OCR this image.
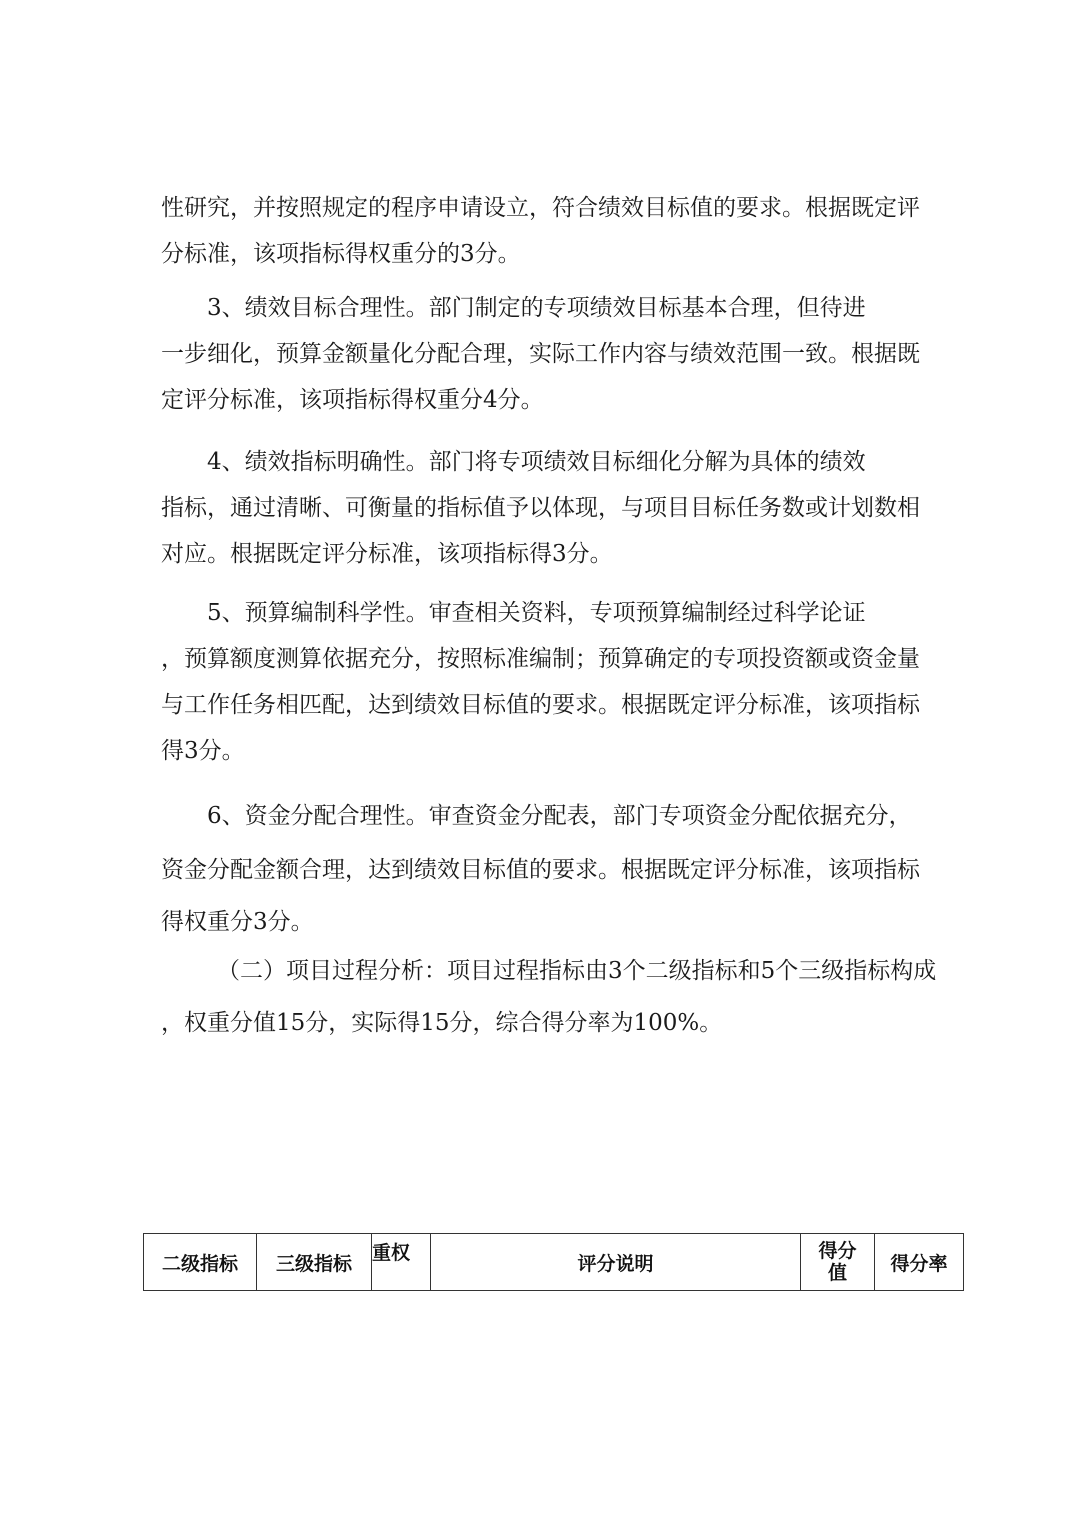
性研究，并按照规定的程序申请设立，符合绩效目标值的要求。根据既定评
分标准，该项指标得权重分的3分。

3、绩效目标合理性。部门制定的专项绩效目标基本合理，但待进
一步细化，预算金额量化分配合理，实际工作内容与绩效范围一致。根据既
定评分标准，该项指标得权重分4分。

4、绩效指标明确性。部门将专项绩效目标细化分解为具体的绩效
指标，通过清晰、可衡量的指标值予以体现，与项目目标任务数或计划数相
对应。根据既定评分标准，该项指标得3分。

5、预算编制科学性。审查相关资料，专项预算编制经过科学论证
，预算额度测算依据充分，按照标准编制；预算确定的专项投资额或资金量
与工作任务相匹配，达到绩效目标值的要求。根据既定评分标准，该项指标
得3分。

6、资金分配合理性。审查资金分配表，部门专项资金分配依据充分，
资金分配金额合理，达到绩效目标值的要求。根据既定评分标准，该项指标
得权重分3分。

（二）项目过程分析：项目过程指标由3个二级指标和5个三级指标构成
，权重分值15分，实际得15分，综合得分率为100%。

二级指标	三级指标	重权	评分说明	得分值	得分率
